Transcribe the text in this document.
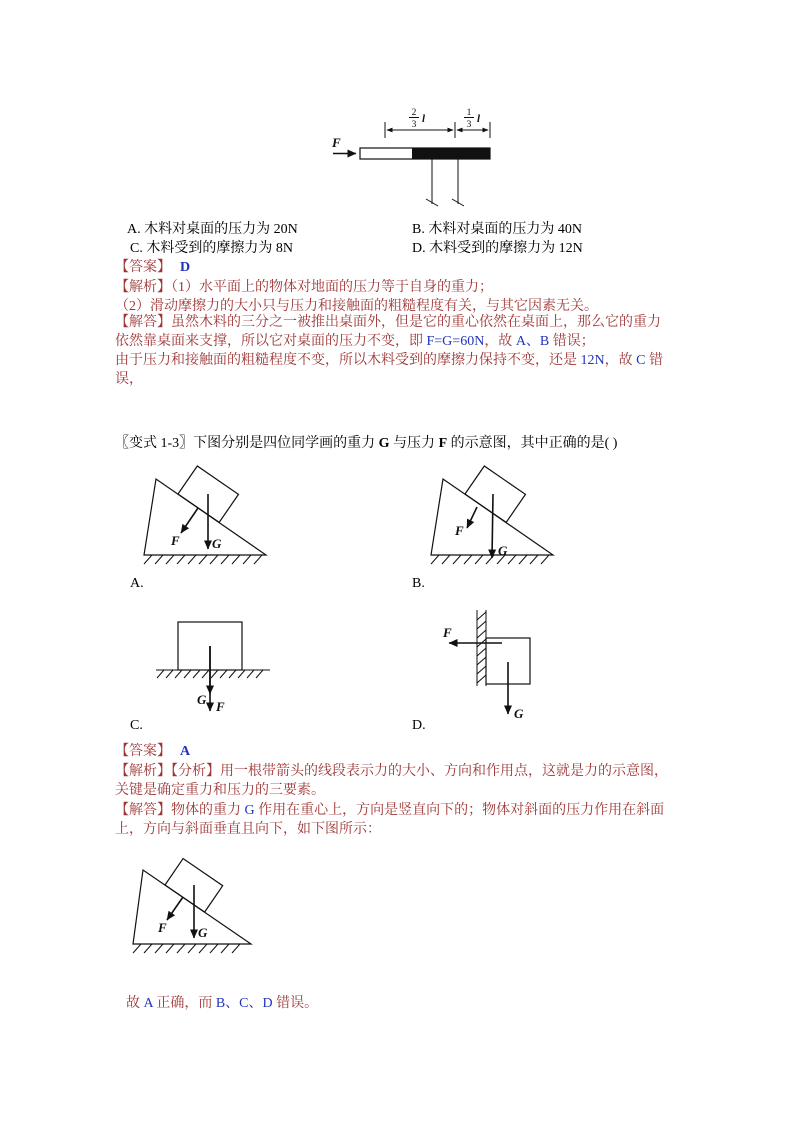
2
3 l	1
3 l
F
A. 木料对桌面的压力为 20N	B. 木料对桌面的压力为 40N
C. 木料受到的摩擦力为 8N	D. 木料受到的摩擦力为 12N

【答案】 D

【解析】（1）水平面上的物体对地面的压力等于自身的重力；

（2）滑动摩擦力的大小只与压力和接触面的粗糙程度有关，与其它因素无关。

【解答】虽然木料的三分之一被推出桌面外，但是它的重心依然在桌面上，那么它的重力依然靠桌面来支撑，所以它对桌面的压力不变，即 F=G=60N，故 A、B 错误；

由于压力和接触面的粗糙程度不变，所以木料受到的摩擦力保持不变，还是 12N，故 C 错误，

〖变式 1-3〗下图分别是四位同学画的重力 G 与压力 F 的示意图，其中正确的是( )

F G
F
G
A.	B.
G F
F
G
C.	D.

【答案】 A

【解析】【分析】用一根带箭头的线段表示力的大小、方向和作用点，这就是力的示意图，关键是确定重力和压力的三要素。

【解答】物体的重力 G 作用在重心上，方向是竖直向下的；物体对斜面的压力作用在斜面上，方向与斜面垂直且向下，如下图所示：

F G

故 A 正确，而 B、C、D 错误。
